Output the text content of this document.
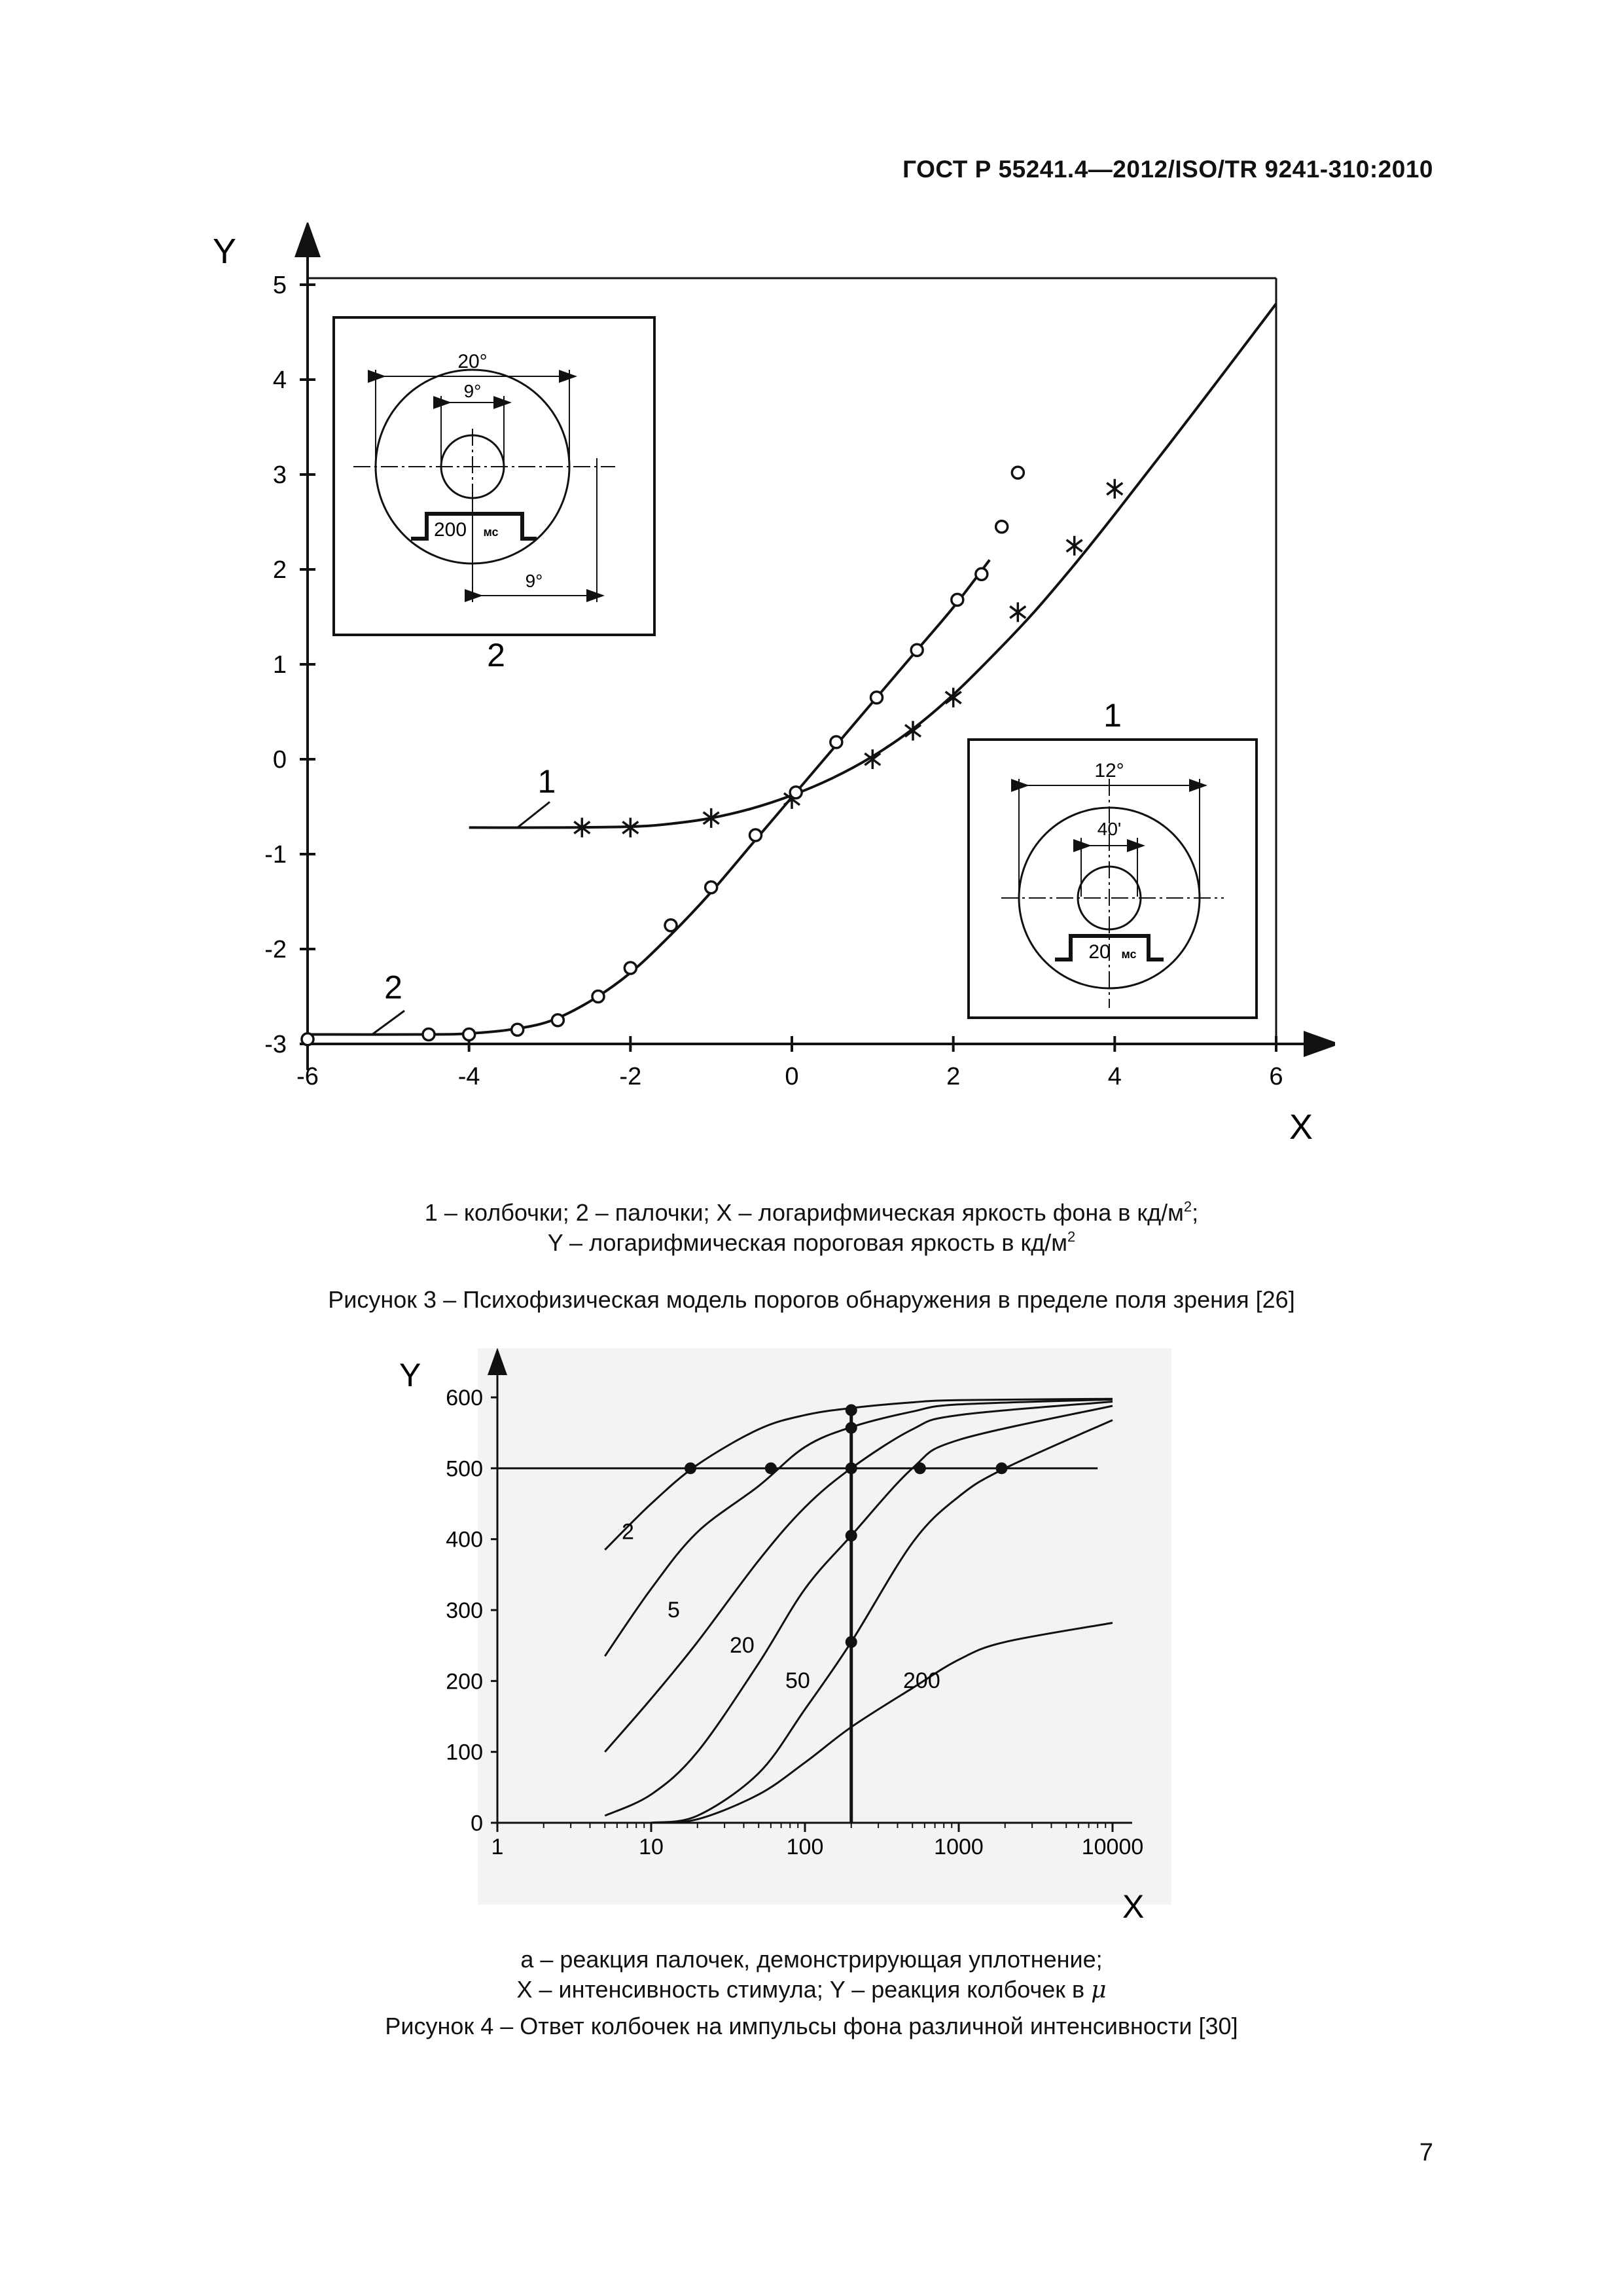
ГОСТ Р 55241.4—2012/ISO/TR 9241-310:2010
-6	-4	-2	0	2	4	6
-3
-2
-1
0
1
2
3
4
5
Y
X
1
2
20°
9°
9°
200 мс
2
12°
40'
20 мс
1
1 – колбочки; 2 – палочки; X – логарифмическая яркость фона в $кд/м^2$;
Y – логарифмическая пороговая яркость в $кд/м^2$
Рисунок 3 – Психофизическая модель порогов обнаружения в пределе поля зрения [26]
0
100
200
300
400
500
600
1	10	100	1000	10000
Y
X
2
5
20
50	200
a – реакция палочек, демонстрирующая уплотнение;
X – интенсивность стимула; Y – реакция колбочек в μ
Рисунок 4 – Ответ колбочек на импульсы фона различной интенсивности [30]
7
